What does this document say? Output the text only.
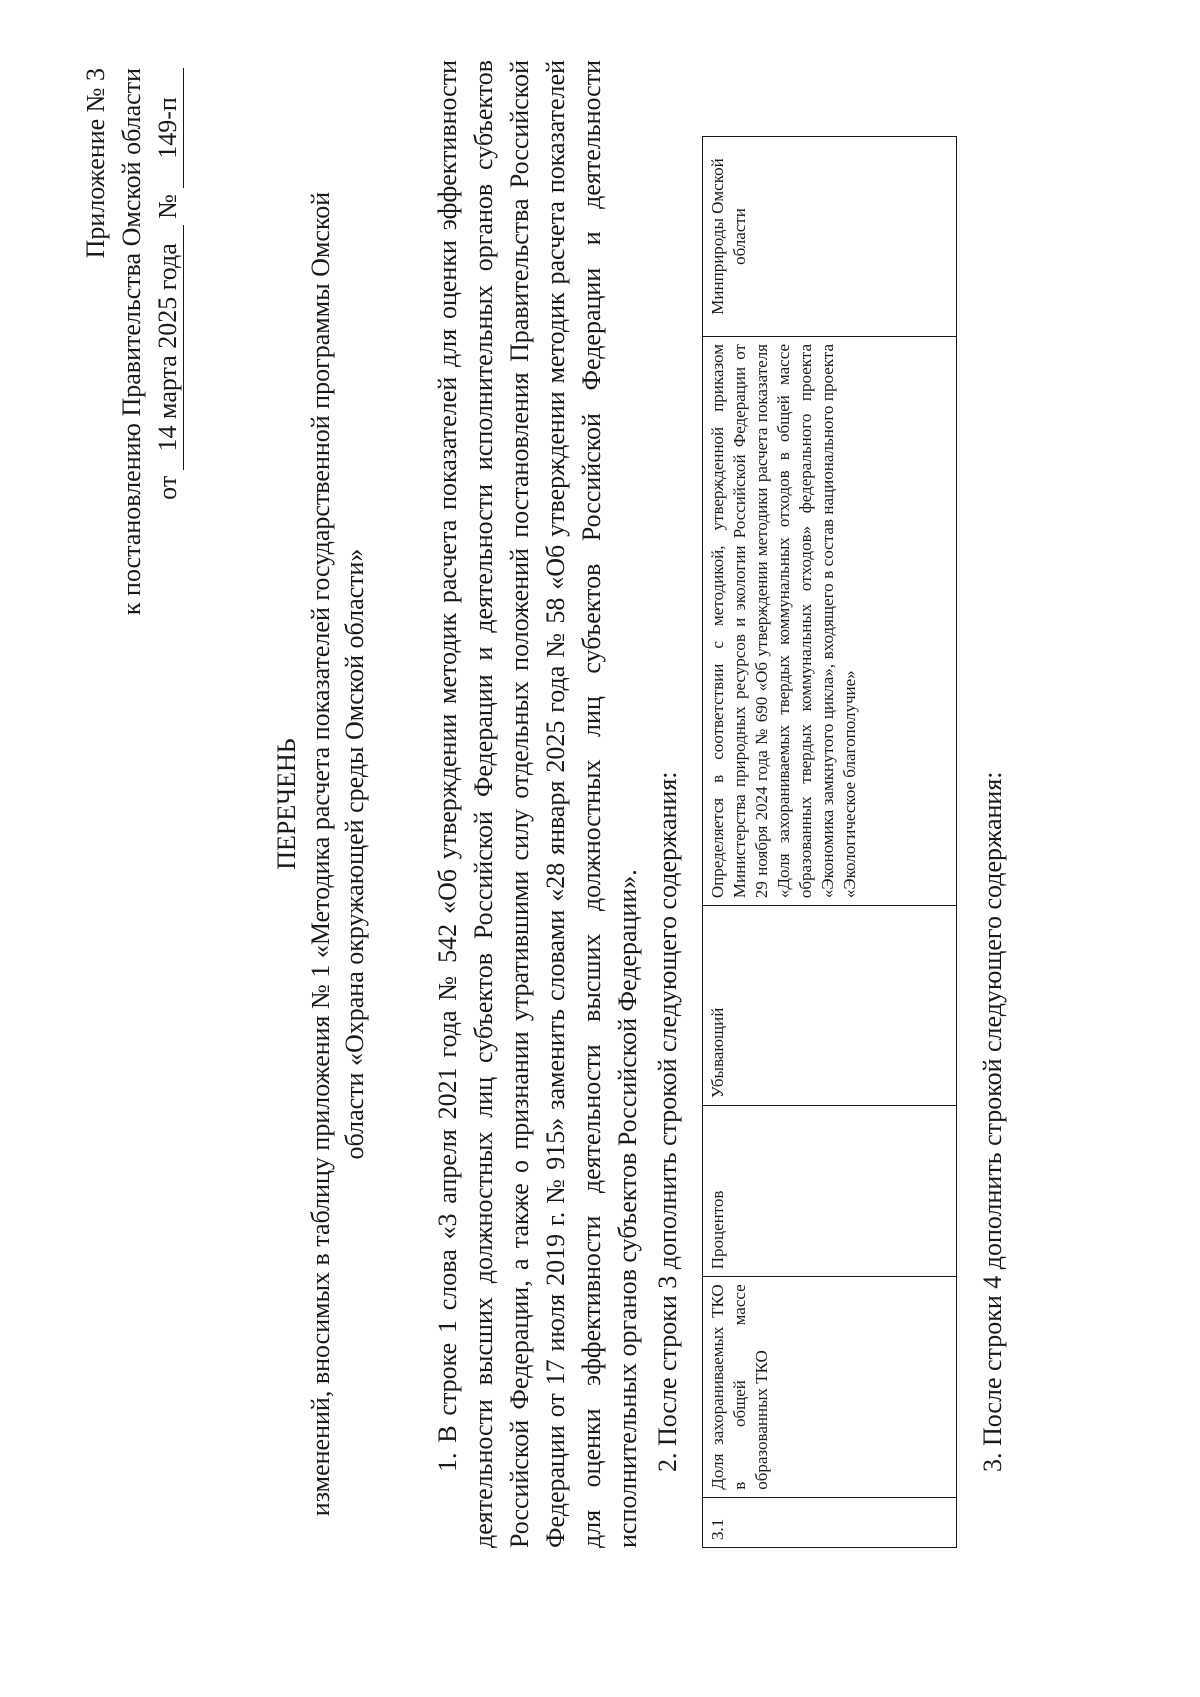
Приложение № 3 к постановлению Правительства Омской области от
14 марта 2025 года
№
149-п
ПЕРЕЧЕНЬ изменений, вносимых в таблицу приложения № 1 «Методика расчета показателей государственной программы Омской области «Охрана окружающей среды Омской области» 1. В строке 1 слова «3 апреля 2021 года № 542 «Об утверждении методик расчета показателей для оценки эффективности деятельности высших должностных лиц субъектов Российской Федерации и деятельности исполнительных органов субъектов Российской Федерации, а также о признании утратившими силу отдельных положений постановления Правительства Российской Федерации от 17 июля 2019 г. № 915» заменить словами «28 января 2025 года № 58 «Об утверждении методик расчета показателей для оценки эффективности деятельности высших должностных лиц субъектов Российской Федерации и деятельности исполнительных органов субъектов Российской Федерации». 2. После строки 3 дополнить строкой следующего содержания:
3.1	Доля захораниваемых ТКО в общей массе образованных ТКО	Процентов	Убывающий	Определяется в соответствии с методикой, утвержденной приказом Министерства природных ресурсов и экологии Российской Федерации от 29 ноября 2024 года № 690 «Об утверждении методики расчета показателя «Доля захораниваемых твердых коммунальных отходов в общей массе образованных твердых коммунальных отходов» федерального проекта «Экономика замкнутого цикла», входящего в состав национального проекта «Экологическое благополучие»	Минприроды Омской области
3. После строки 4 дополнить строкой следующего содержания:
